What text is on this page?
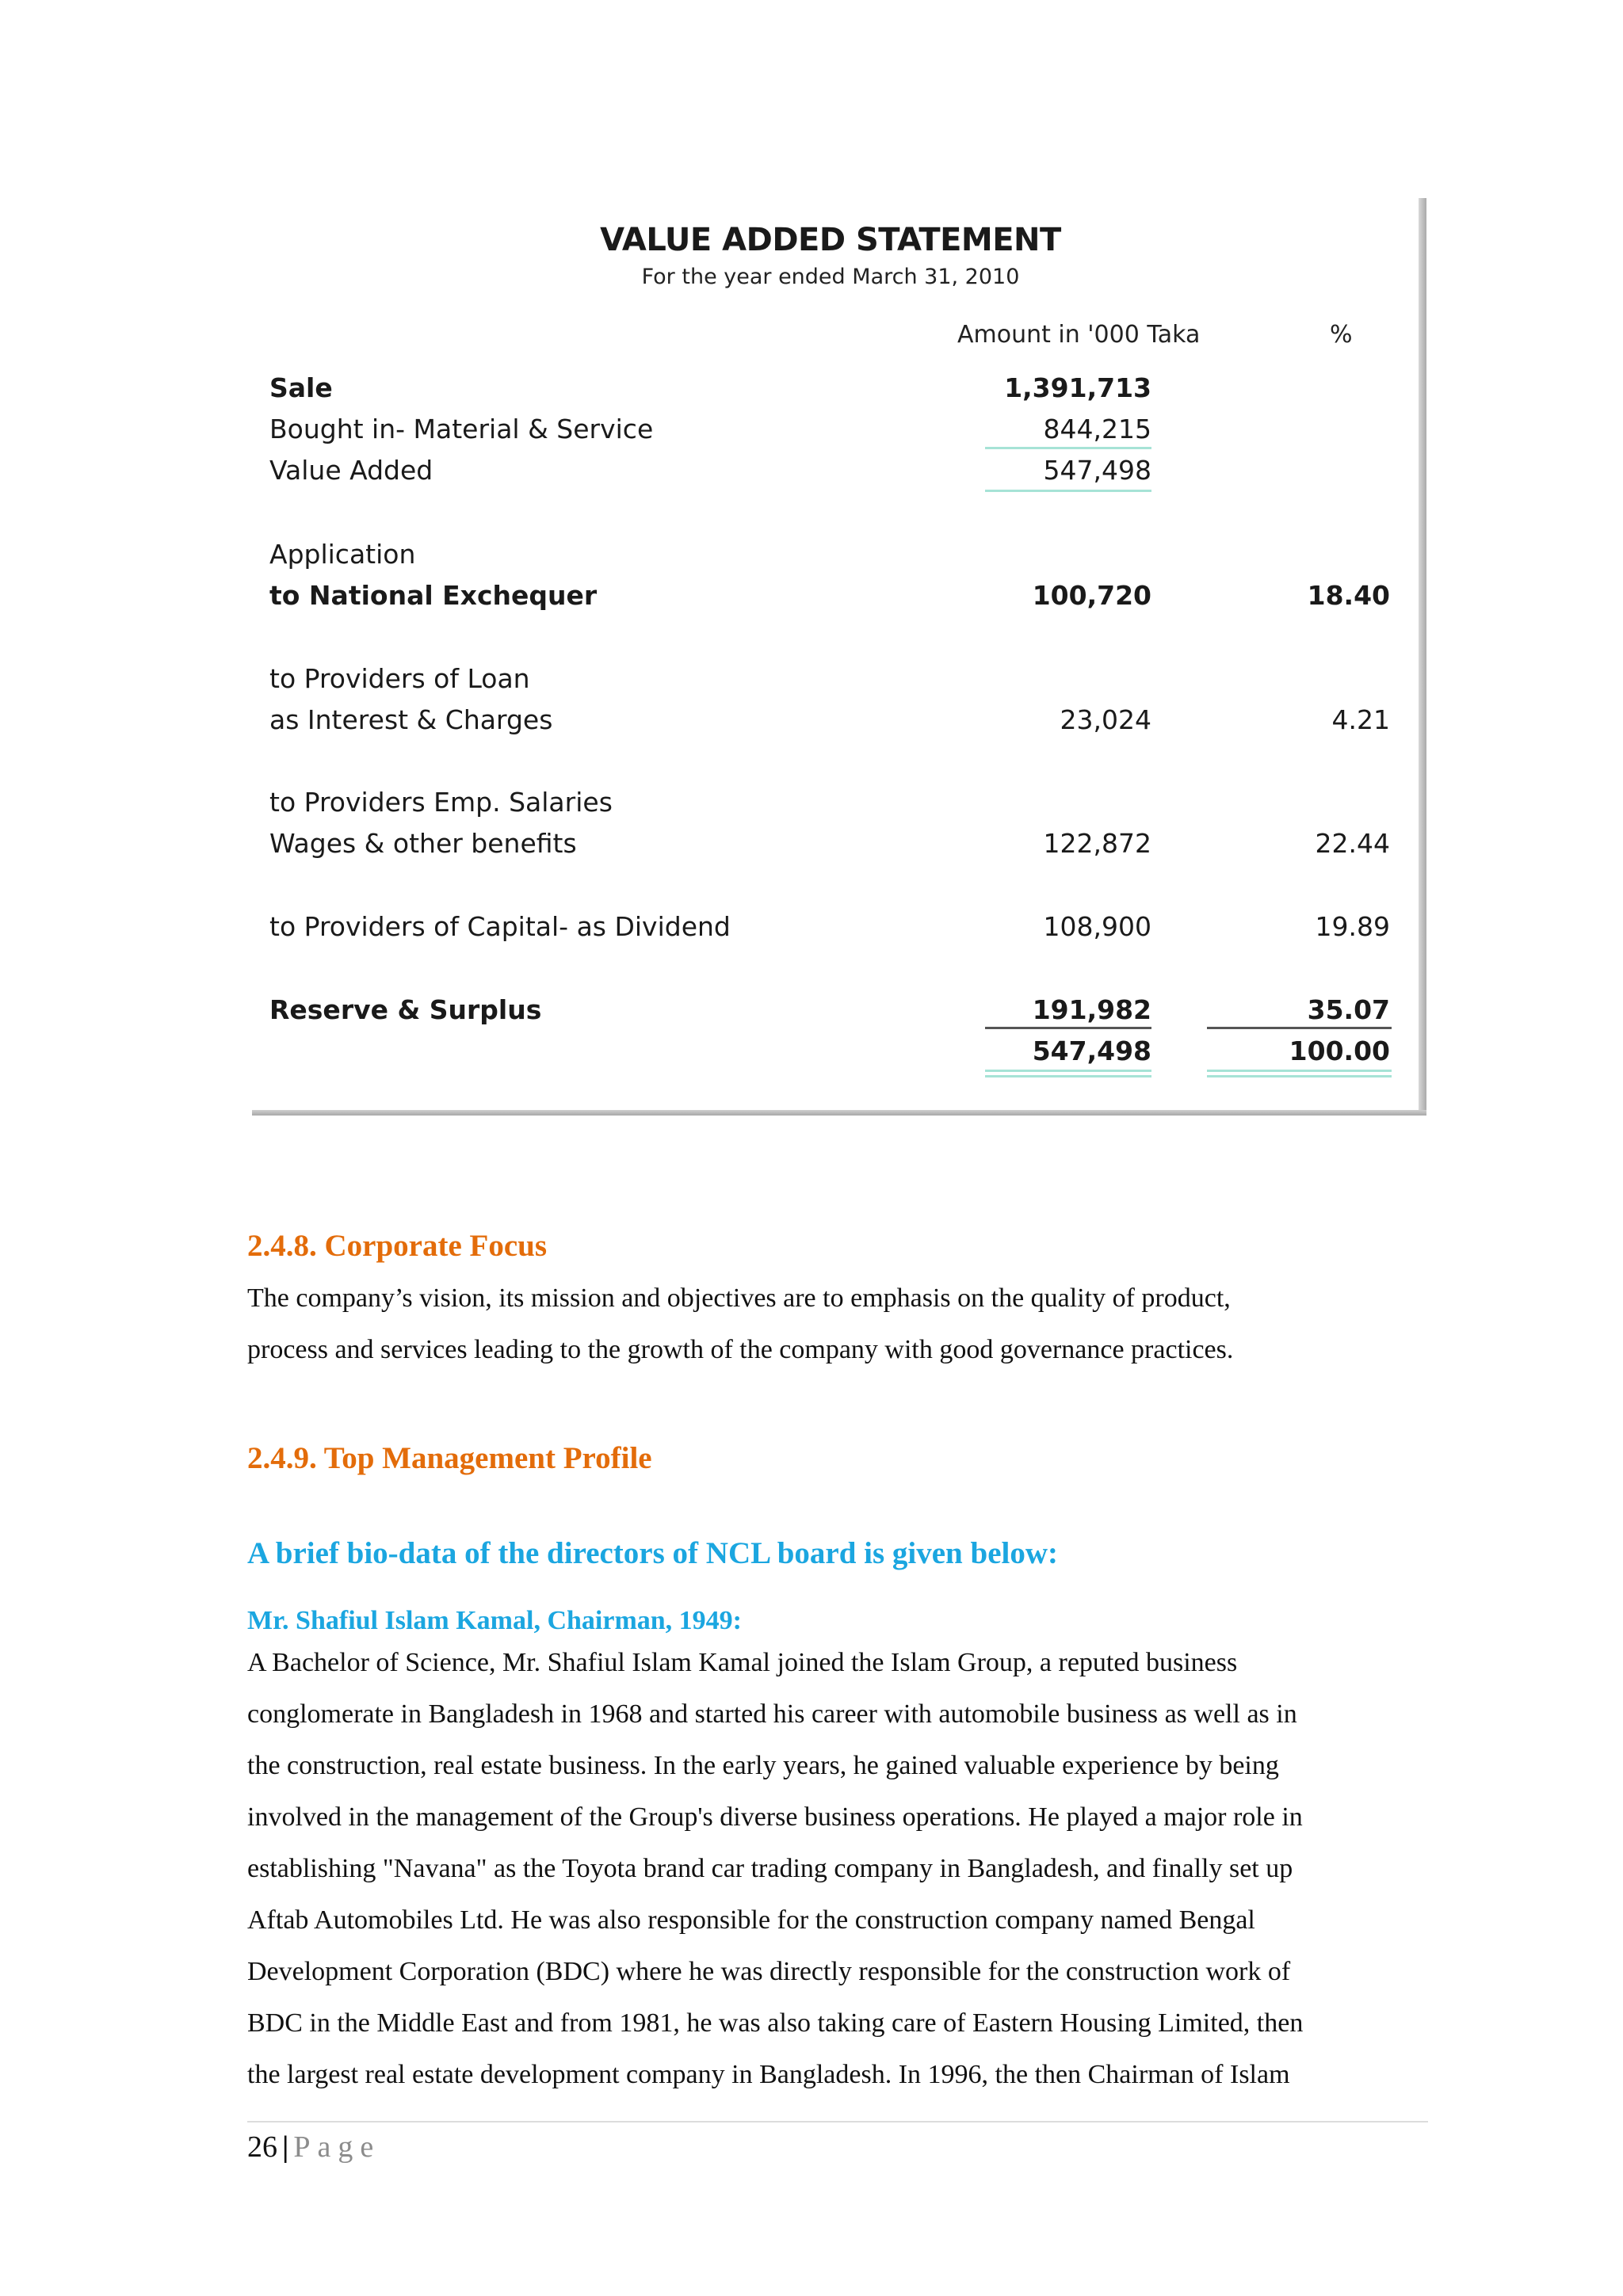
VALUE ADDED STATEMENT
For the year ended March 31, 2010
Amount in '000 Taka	%
Sale	1,391,713
Bought in- Material & Service	844,215
Value Added	547,498
Application
to National Exchequer	100,720	18.40
to Providers of Loan
as Interest & Charges	23,024	4.21
to Providers Emp. Salaries
Wages & other benefits	122,872	22.44
to Providers of Capital- as Dividend	108,900	19.89
Reserve & Surplus	191,982	35.07
547,498	100.00
2.4.8. Corporate Focus
The company’s vision, its mission and objectives are to emphasis on the quality of product,
process and services leading to the growth of the company with good governance practices.
2.4.9. Top Management Profile
A brief bio-data of the directors of NCL board is given below:
Mr. Shafiul Islam Kamal, Chairman, 1949:
A Bachelor of Science, Mr. Shafiul Islam Kamal joined the Islam Group, a reputed business
conglomerate in Bangladesh in 1968 and started his career with automobile business as well as in
the construction, real estate business. In the early years, he gained valuable experience by being
involved in the management of the Group's diverse business operations. He played a major role in
establishing "Navana" as the Toyota brand car trading company in Bangladesh, and finally set up
Aftab Automobiles Ltd. He was also responsible for the construction company named Bengal
Development Corporation (BDC) where he was directly responsible for the construction work of
BDC in the Middle East and from 1981, he was also taking care of Eastern Housing Limited, then
the largest real estate development company in Bangladesh. In 1996, the then Chairman of Islam
26 | Page
